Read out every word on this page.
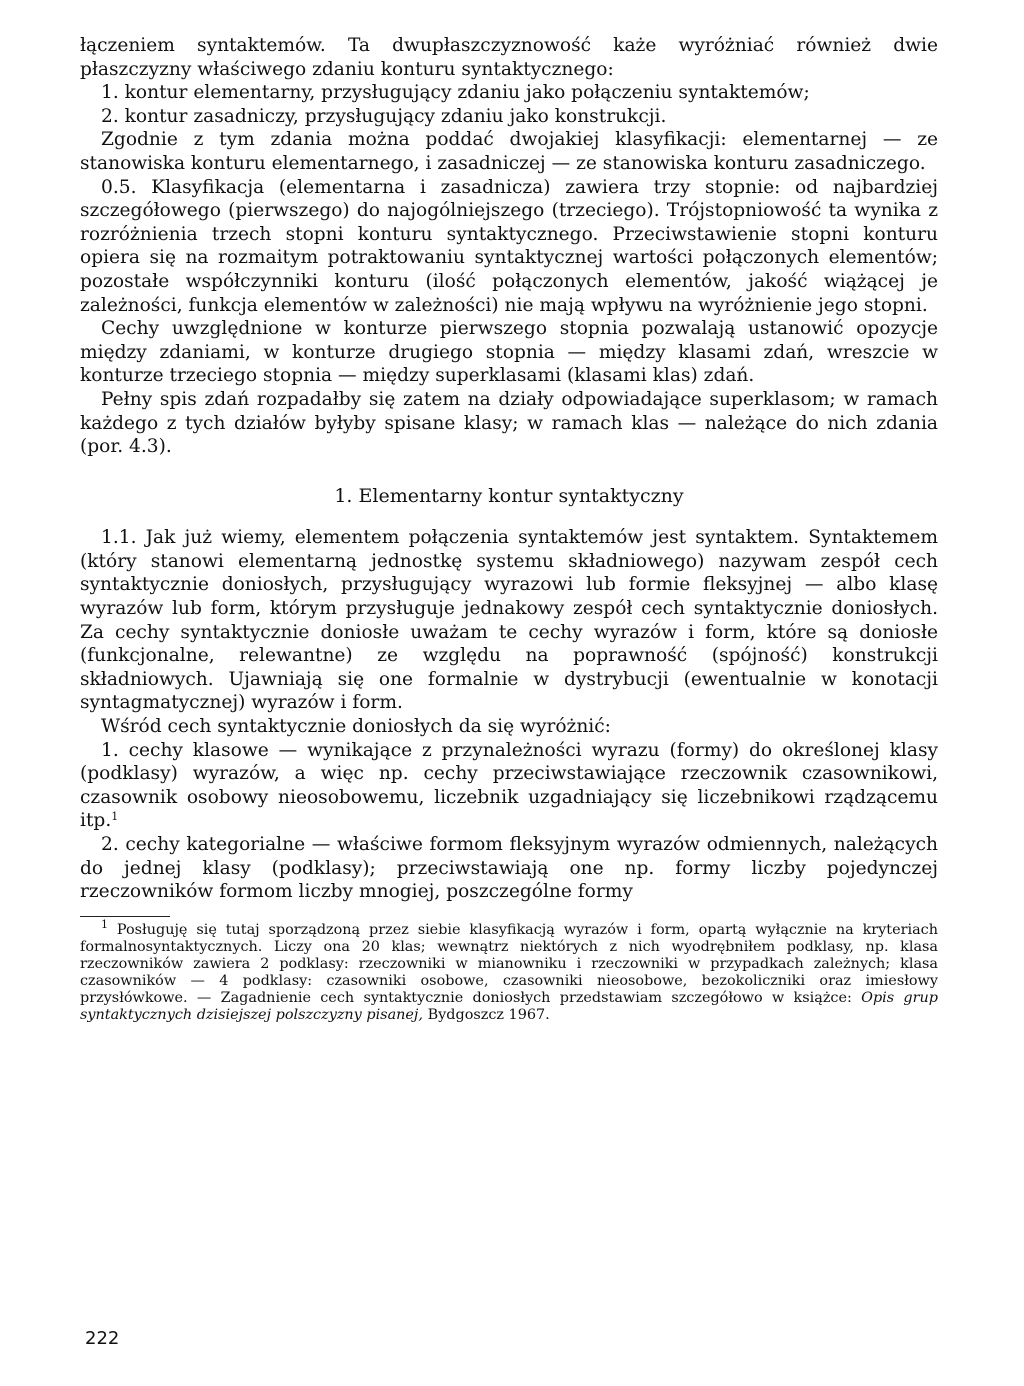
łączeniem syntaktemów. Ta dwupłaszczyznowość każe wyróżniać również dwie płaszczyzny właściwego zdaniu konturu syntaktycznego:

1. kontur elementarny, przysługujący zdaniu jako połączeniu syntaktemów;

2. kontur zasadniczy, przysługujący zdaniu jako konstrukcji.

Zgodnie z tym zdania można poddać dwojakiej klasyfikacji: elementarnej — ze stanowiska konturu elementarnego, i zasadniczej — ze stanowiska konturu zasadniczego.

0.5. Klasyfikacja (elementarna i zasadnicza) zawiera trzy stopnie: od najbardziej szczegółowego (pierwszego) do najogólniejszego (trzeciego). Trójstopniowość ta wynika z rozróżnienia trzech stopni konturu syntaktycznego. Przeciwstawienie stopni konturu opiera się na rozmaitym potraktowaniu syntaktycznej wartości połączonych elementów; pozostałe współczynniki konturu (ilość połączonych elementów, jakość wiążącej je zależności, funkcja elementów w zależności) nie mają wpływu na wyróżnienie jego stopni.

Cechy uwzględnione w konturze pierwszego stopnia pozwalają ustanowić opozycje między zdaniami, w konturze drugiego stopnia — między klasami zdań, wreszcie w konturze trzeciego stopnia — między superklasami (klasami klas) zdań.

Pełny spis zdań rozpadałby się zatem na działy odpowiadające superklasom; w ramach każdego z tych działów byłyby spisane klasy; w ramach klas — należące do nich zdania (por. 4.3).

1. Elementarny kontur syntaktyczny

1.1. Jak już wiemy, elementem połączenia syntaktemów jest syntaktem. Syntaktemem (który stanowi elementarną jednostkę systemu składniowego) nazywam zespół cech syntaktycznie doniosłych, przysługujący wyrazowi lub formie fleksyjnej — albo klasę wyrazów lub form, którym przysługuje jednakowy zespół cech syntaktycznie doniosłych. Za cechy syntaktycznie doniosłe uważam te cechy wyrazów i form, które są doniosłe (funkcjonalne, relewantne) ze względu na poprawność (spójność) konstrukcji składniowych. Ujawniają się one formalnie w dystrybucji (ewentualnie w konotacji syntagmatycznej) wyrazów i form.

Wśród cech syntaktycznie doniosłych da się wyróżnić:

1. cechy klasowe — wynikające z przynależności wyrazu (formy) do określonej klasy (podklasy) wyrazów, a więc np. cechy przeciwstawiające rzeczownik czasownikowi, czasownik osobowy nieosobowemu, liczebnik uzgadniający się liczebnikowi rządzącemu itp.$^1$

2. cechy kategorialne — właściwe formom fleksyjnym wyrazów odmiennych, należących do jednej klasy (podklasy); przeciwstawiają one np. formy liczby pojedynczej rzeczowników formom liczby mnogiej, poszczególne formy

$^1$ Posługuję się tutaj sporządzoną przez siebie klasyfikacją wyrazów i form, opartą wyłącznie na kryteriach formalnosyntaktycznych. Liczy ona 20 klas; wewnątrz niektórych z nich wyodrębniłem podklasy, np. klasa rzeczowników zawiera 2 podklasy: rzeczowniki w mianowniku i rzeczowniki w przypadkach zależnych; klasa czasowników — 4 podklasy: czasowniki osobowe, czasowniki nieosobowe, bezokoliczniki oraz imiesłowy przysłówkowe. — Zagadnienie cech syntaktycznie doniosłych przedstawiam szczegółowo w książce: Opis grup syntaktycznych dzisiejszej polszczyzny pisanej, Bydgoszcz 1967.

222
